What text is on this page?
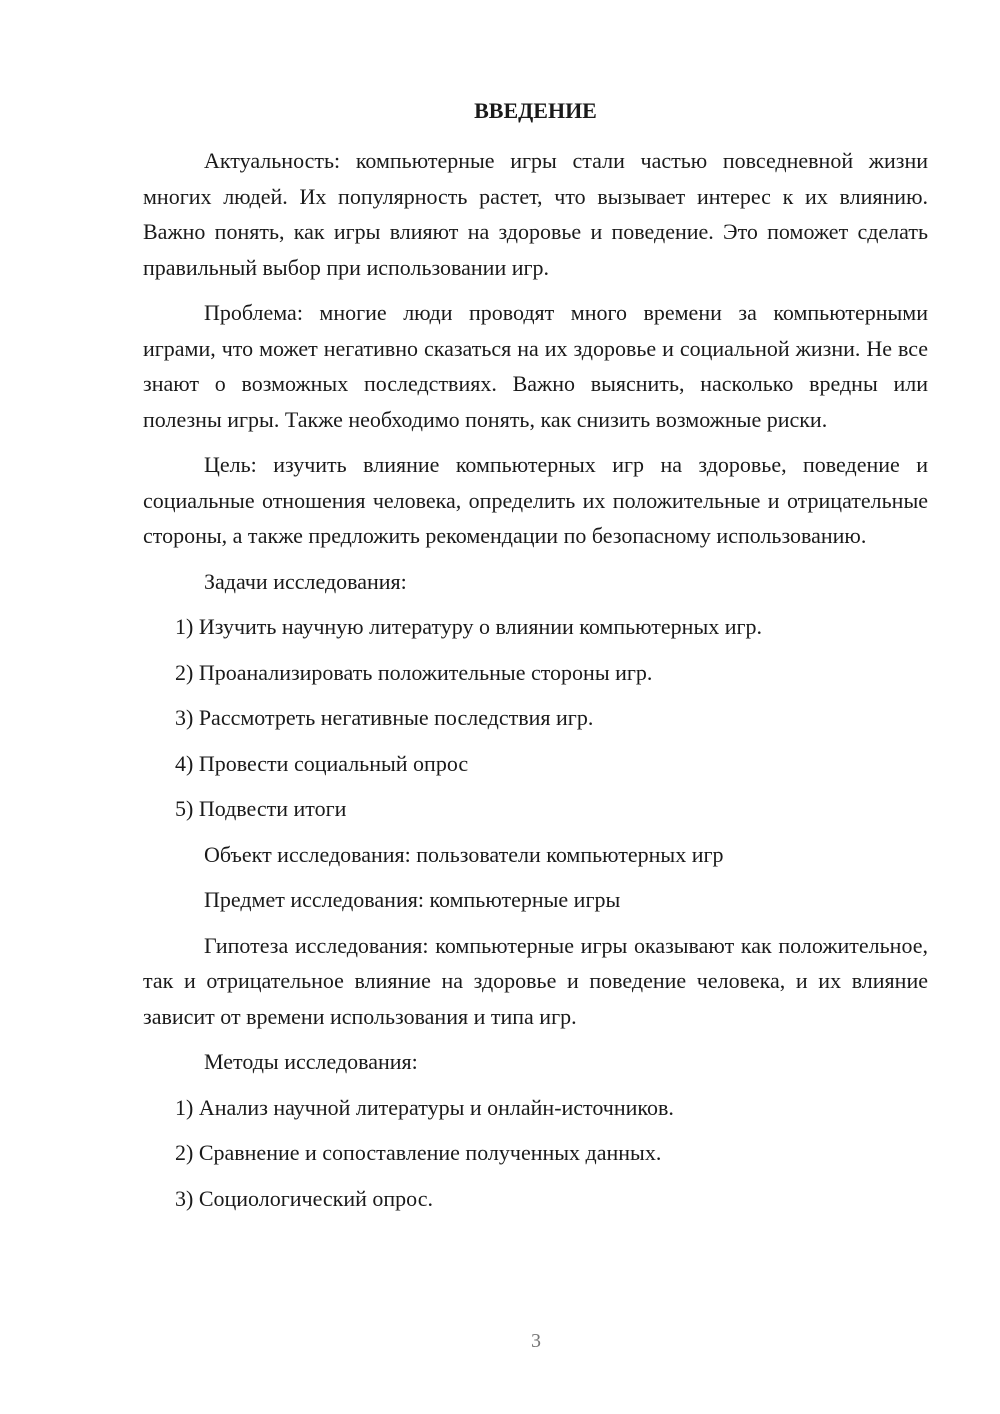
ВВЕДЕНИЕ

Актуальность: компьютерные игры стали частью повседневной жизни многих людей. Их популярность растет, что вызывает интерес к их влиянию. Важно понять, как игры влияют на здоровье и поведение. Это поможет сделать правильный выбор при использовании игр.

Проблема: многие люди проводят много времени за компьютерными играми, что может негативно сказаться на их здоровье и социальной жизни. Не все знают о возможных последствиях. Важно выяснить, насколько вредны или полезны игры. Также необходимо понять, как снизить возможные риски.

Цель: изучить влияние компьютерных игр на здоровье, поведение и социальные отношения человека, определить их положительные и отрицательные стороны, а также предложить рекомендации по безопасному использованию.

Задачи исследования:
1) Изучить научную литературу о влиянии компьютерных игр.
2) Проанализировать положительные стороны игр.
3) Рассмотреть негативные последствия игр.
4) Провести социальный опрос
5) Подвести итоги
Объект исследования: пользователи компьютерных игр
Предмет исследования: компьютерные игры

Гипотеза исследования: компьютерные игры оказывают как положительное, так и отрицательное влияние на здоровье и поведение человека, и их влияние зависит от времени использования и типа игр.

Методы исследования:
1) Анализ научной литературы и онлайн-источников.
2) Сравнение и сопоставление полученных данных.
3) Социологический опрос.
3
